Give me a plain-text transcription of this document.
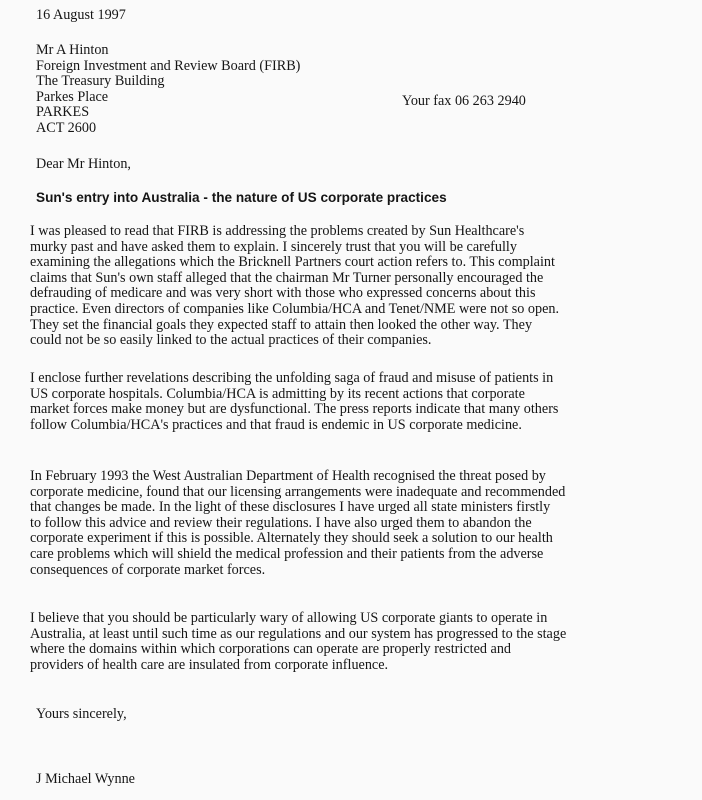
16 August 1997
Mr A Hinton
Foreign Investment and Review Board (FIRB)
The Treasury Building
Parkes Place
PARKES
ACT 2600
Your fax 06 263 2940
Dear Mr Hinton,
Sun's entry into Australia - the nature of US corporate practices
I was pleased to read that FIRB is addressing the problems created by Sun Healthcare's
murky past and have asked them to explain. I sincerely trust that you will be carefully
examining the allegations which the Bricknell Partners court action refers to. This complaint
claims that Sun's own staff alleged that the chairman Mr Turner personally encouraged the
defrauding of medicare and was very short with those who expressed concerns about this
practice. Even directors of companies like Columbia/HCA and Tenet/NME were not so open.
They set the financial goals they expected staff to attain then looked the other way. They
could not be so easily linked to the actual practices of their companies.
I enclose further revelations describing the unfolding saga of fraud and misuse of patients in
US corporate hospitals. Columbia/HCA is admitting by its recent actions that corporate
market forces make money but are dysfunctional. The press reports indicate that many others
follow Columbia/HCA's practices and that fraud is endemic in US corporate medicine.
In February 1993 the West Australian Department of Health recognised the threat posed by
corporate medicine, found that our licensing arrangements were inadequate and recommended
that changes be made. In the light of these disclosures I have urged all state ministers firstly
to follow this advice and review their regulations. I have also urged them to abandon the
corporate experiment if this is possible. Alternately they should seek a solution to our health
care problems which will shield the medical profession and their patients from the adverse
consequences of corporate market forces.
I believe that you should be particularly wary of allowing US corporate giants to operate in
Australia, at least until such time as our regulations and our system has progressed to the stage
where the domains within which corporations can operate are properly restricted and
providers of health care are insulated from corporate influence.
Yours sincerely,
J Michael Wynne
